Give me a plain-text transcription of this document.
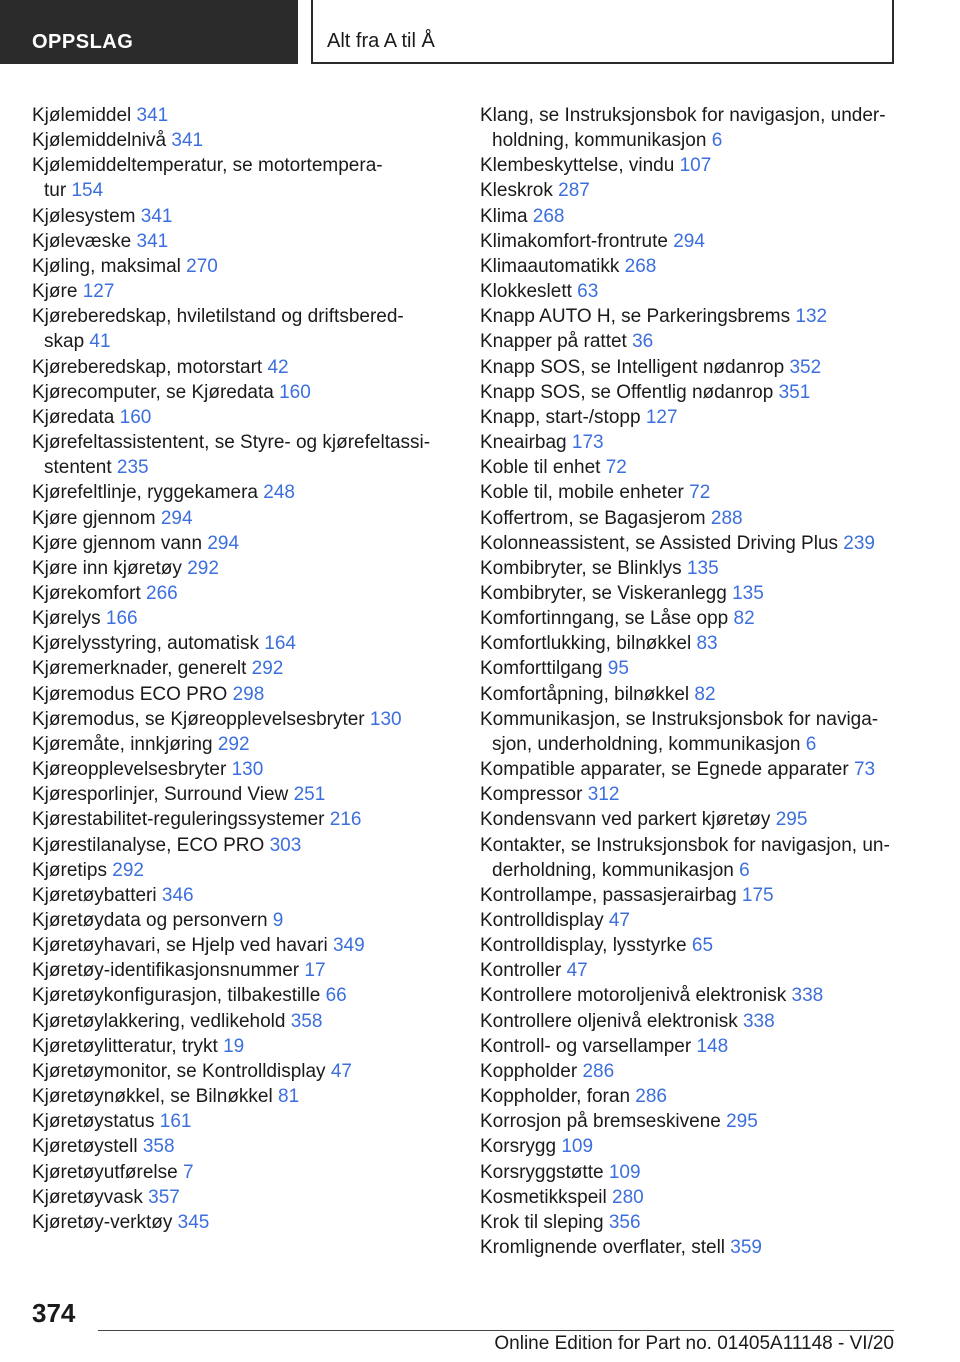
OPPSLAG	Alt fra A til Å
Kjølemiddel 341
Kjølemiddelnivå 341
Kjølemiddeltemperatur, se motortempera-
tur 154
Kjølesystem 341
Kjølevæske 341
Kjøling, maksimal 270
Kjøre 127
Kjøreberedskap, hviletilstand og driftsbered-
skap 41
Kjøreberedskap, motorstart 42
Kjørecomputer, se Kjøredata 160
Kjøredata 160
Kjørefeltassistentent, se Styre- og kjørefeltassi-
stentent 235
Kjørefeltlinje, ryggekamera 248
Kjøre gjennom 294
Kjøre gjennom vann 294
Kjøre inn kjøretøy 292
Kjørekomfort 266
Kjørelys 166
Kjørelysstyring, automatisk 164
Kjøremerknader, generelt 292
Kjøremodus ECO PRO 298
Kjøremodus, se Kjøreopplevelsesbryter 130
Kjøremåte, innkjøring 292
Kjøreopplevelsesbryter 130
Kjøresporlinjer, Surround View 251
Kjørestabilitet-reguleringssystemer 216
Kjørestilanalyse, ECO PRO 303
Kjøretips 292
Kjøretøybatteri 346
Kjøretøydata og personvern 9
Kjøretøyhavari, se Hjelp ved havari 349
Kjøretøy-identifikasjonsnummer 17
Kjøretøykonfigurasjon, tilbakestille 66
Kjøretøylakkering, vedlikehold 358
Kjøretøylitteratur, trykt 19
Kjøretøymonitor, se Kontrolldisplay 47
Kjøretøynøkkel, se Bilnøkkel 81
Kjøretøystatus 161
Kjøretøystell 358
Kjøretøyutførelse 7
Kjøretøyvask 357
Kjøretøy-verktøy 345
Klang, se Instruksjonsbok for navigasjon, under-
holdning, kommunikasjon 6
Klembeskyttelse, vindu 107
Kleskrok 287
Klima 268
Klimakomfort-frontrute 294
Klimaautomatikk 268
Klokkeslett 63
Knapp AUTO H, se Parkeringsbrems 132
Knapper på rattet 36
Knapp SOS, se Intelligent nødanrop 352
Knapp SOS, se Offentlig nødanrop 351
Knapp, start-/stopp 127
Kneairbag 173
Koble til enhet 72
Koble til, mobile enheter 72
Koffertrom, se Bagasjerom 288
Kolonneassistent, se Assisted Driving Plus 239
Kombibryter, se Blinklys 135
Kombibryter, se Viskeranlegg 135
Komfortinngang, se Låse opp 82
Komfortlukking, bilnøkkel 83
Komforttilgang 95
Komfortåpning, bilnøkkel 82
Kommunikasjon, se Instruksjonsbok for naviga-
sjon, underholdning, kommunikasjon 6
Kompatible apparater, se Egnede apparater 73
Kompressor 312
Kondensvann ved parkert kjøretøy 295
Kontakter, se Instruksjonsbok for navigasjon, un-
derholdning, kommunikasjon 6
Kontrollampe, passasjerairbag 175
Kontrolldisplay 47
Kontrolldisplay, lysstyrke 65
Kontroller 47
Kontrollere motoroljenivå elektronisk 338
Kontrollere oljenivå elektronisk 338
Kontroll- og varsellamper 148
Koppholder 286
Koppholder, foran 286
Korrosjon på bremseskivene 295
Korsrygg 109
Korsryggstøtte 109
Kosmetikkspeil 280
Krok til sleping 356
Kromlignende overflater, stell 359
374
Online Edition for Part no. 01405A11148 - VI/20
